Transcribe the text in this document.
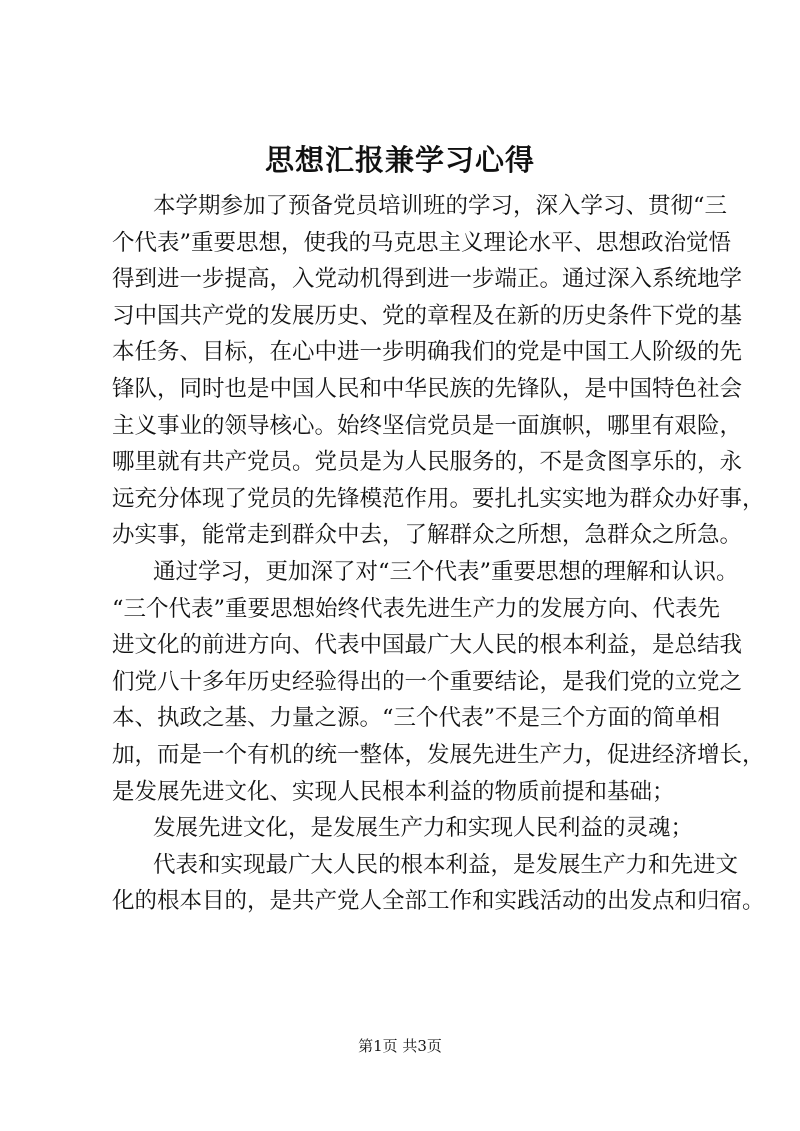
思想汇报兼学习心得
本学期参加了预备党员培训班的学习，深入学习、贯彻“三
个代表”重要思想，使我的马克思主义理论水平、思想政治觉悟
得到进一步提高，入党动机得到进一步端正。通过深入系统地学
习中国共产党的发展历史、党的章程及在新的历史条件下党的基
本任务、目标，在心中进一步明确我们的党是中国工人阶级的先
锋队，同时也是中国人民和中华民族的先锋队，是中国特色社会
主义事业的领导核心。始终坚信党员是一面旗帜，哪里有艰险，
哪里就有共产党员。党员是为人民服务的，不是贪图享乐的，永
远充分体现了党员的先锋模范作用。要扎扎实实地为群众办好事，
办实事，能常走到群众中去，了解群众之所想，急群众之所急。
通过学习，更加深了对“三个代表”重要思想的理解和认识。
“三个代表”重要思想始终代表先进生产力的发展方向、代表先
进文化的前进方向、代表中国最广大人民的根本利益，是总结我
们党八十多年历史经验得出的一个重要结论，是我们党的立党之
本、执政之基、力量之源。“三个代表”不是三个方面的简单相
加，而是一个有机的统一整体，发展先进生产力，促进经济增长，
是发展先进文化、实现人民根本利益的物质前提和基础；
发展先进文化，是发展生产力和实现人民利益的灵魂；
代表和实现最广大人民的根本利益，是发展生产力和先进文
化的根本目的，是共产党人全部工作和实践活动的出发点和归宿。
第1页 共3页
